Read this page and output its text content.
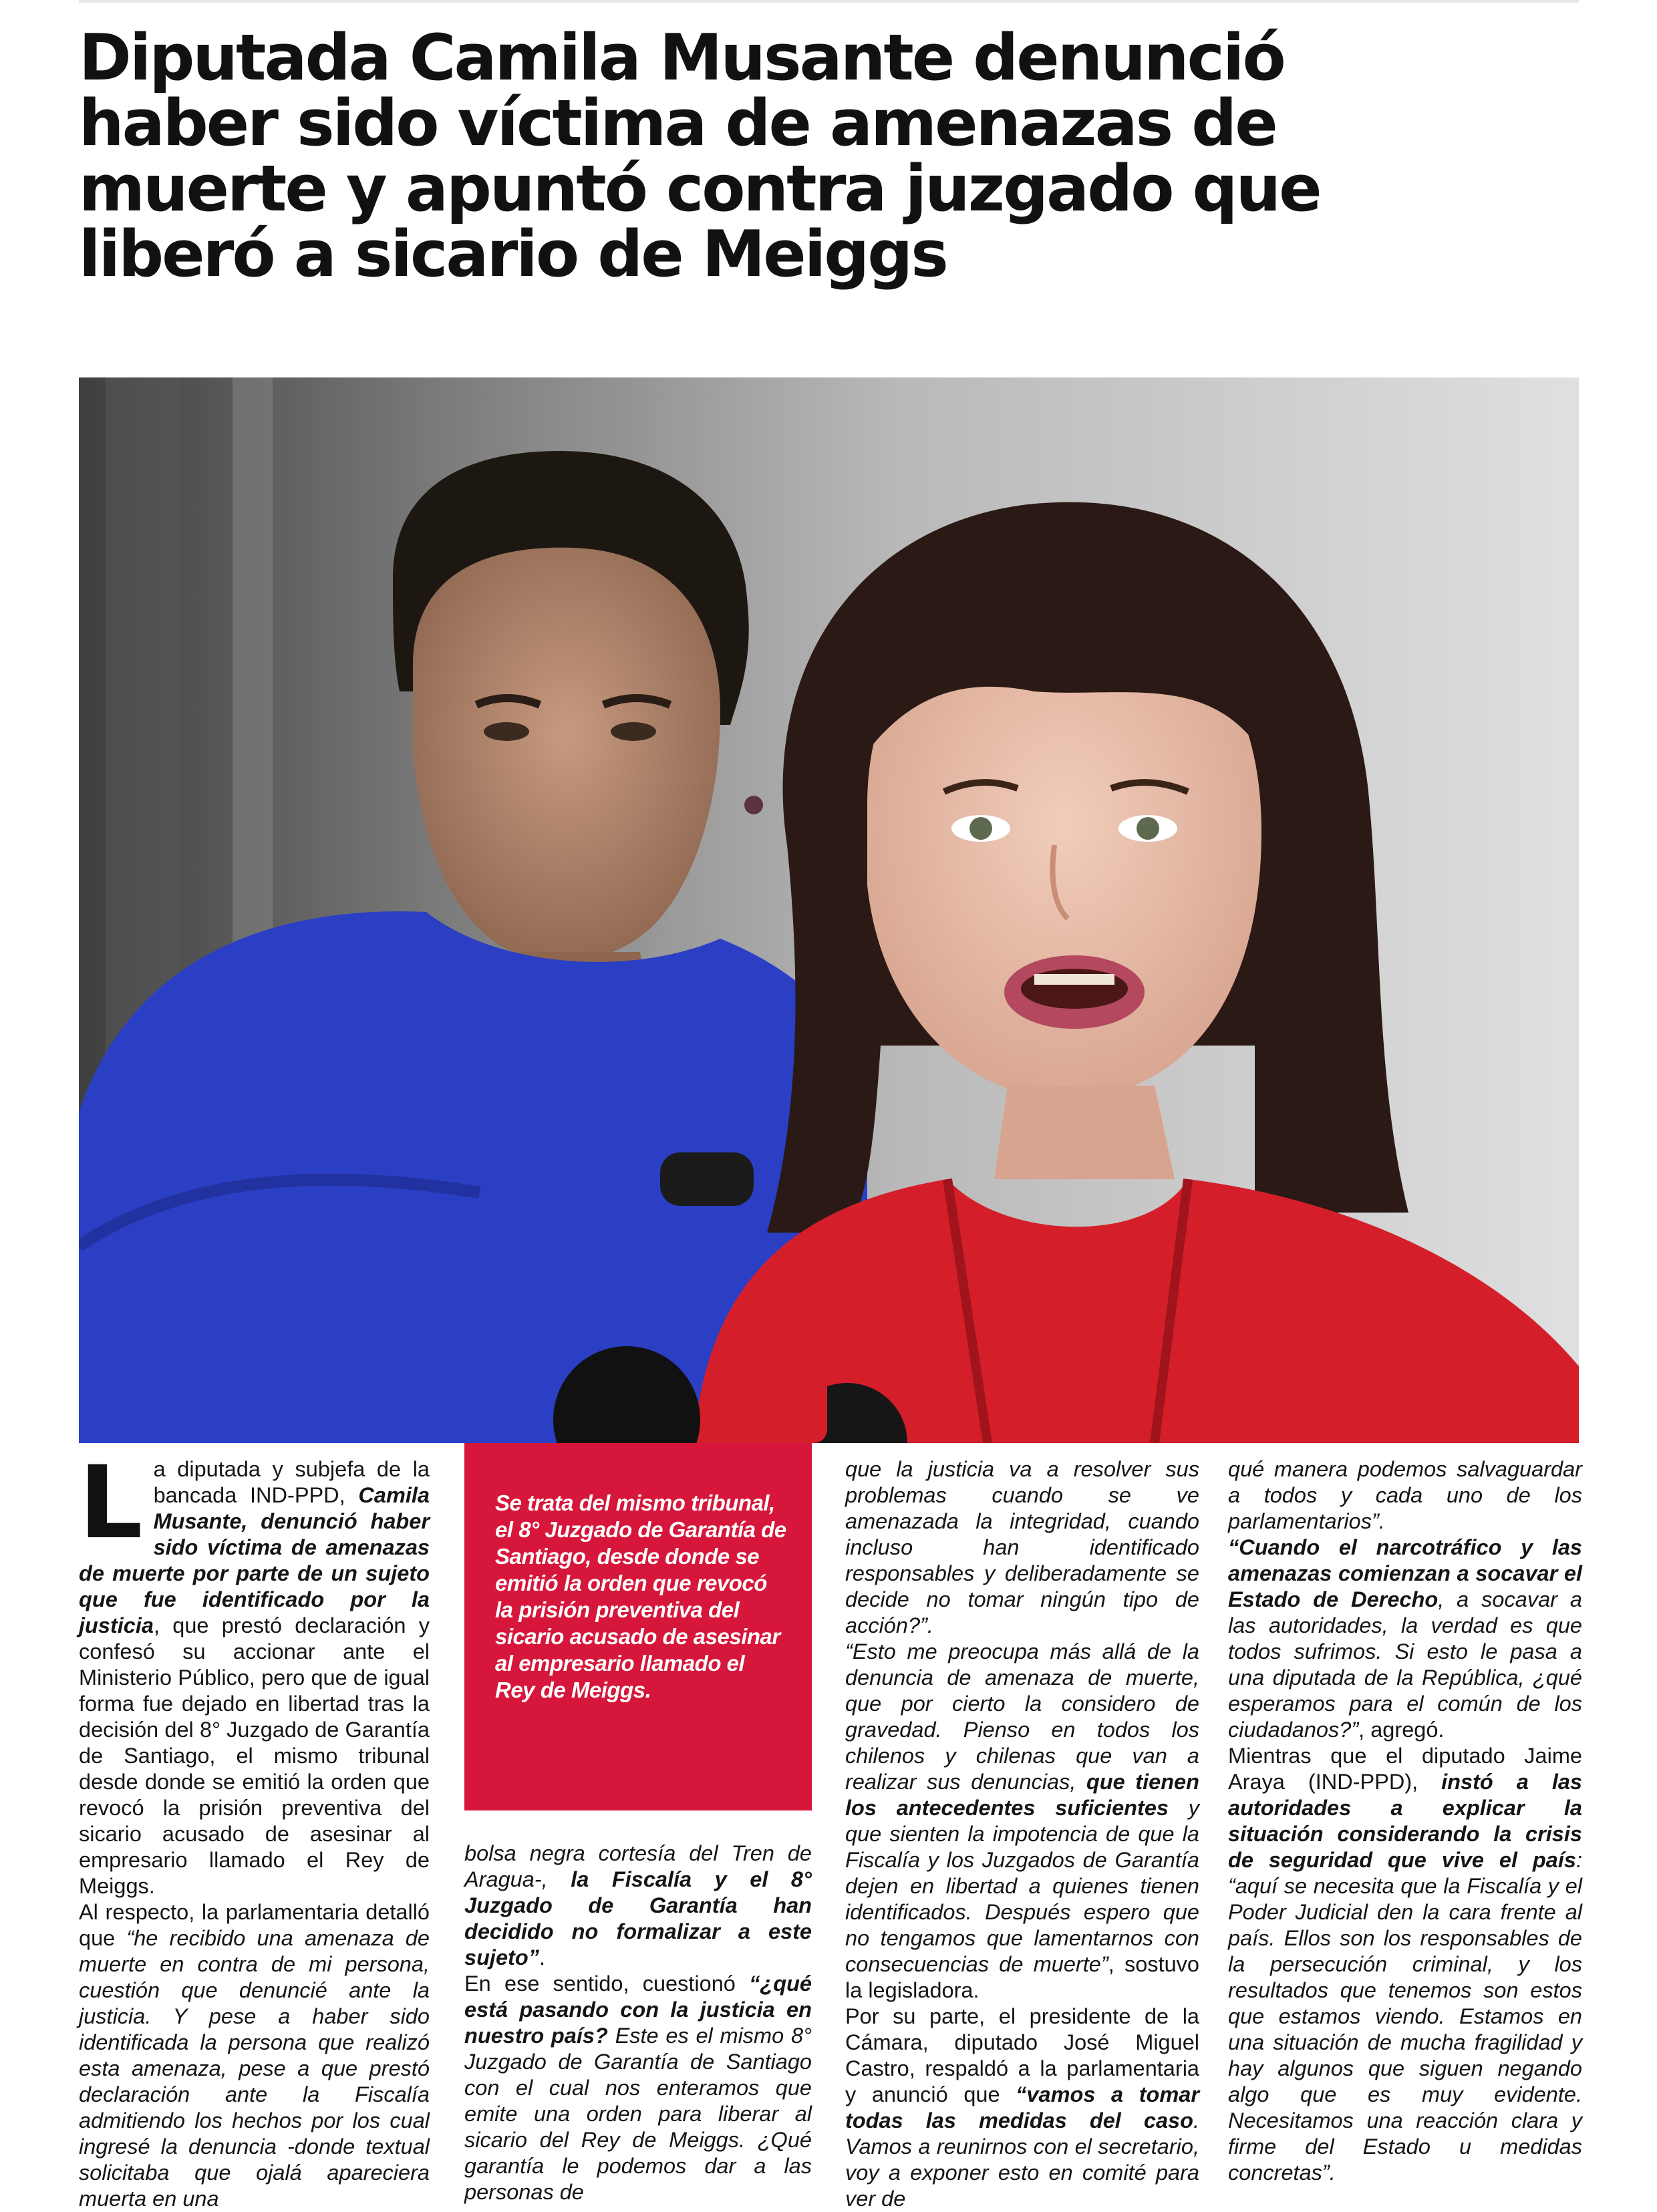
Diputada Camila Musante denunció
haber sido víctima de amenazas de
muerte y apuntó contra juzgado que
liberó a sicario de Meiggs

Se trata del mismo tribunal, el 8° Juzgado de Garantía de Santiago, desde donde se emitió la orden que revocó la prisión preventiva del sicario acusado de asesinar al empresario llamado el Rey de Meiggs.

La diputada y subjefa de la bancada IND-PPD, Camila Musante, denunció haber sido víctima de amenazas de muerte por parte de un sujeto que fue identificado por la justicia, que prestó declaración y confesó su accionar ante el Ministerio Público, pero que de igual forma fue dejado en libertad tras la decisión del 8° Juzgado de Garantía de Santiago, el mismo tribunal desde donde se emitió la orden que revocó la prisión preventiva del sicario acusado de asesinar al empresario llamado el Rey de Meiggs.

Al respecto, la parlamentaria detalló que “he recibido una amenaza de muerte en contra de mi persona, cuestión que denuncié ante la justicia. Y pese a haber sido identificada la persona que realizó esta amenaza, pese a que prestó declaración ante la Fiscalía admitiendo los hechos por los cual ingresé la denuncia -donde textual solicitaba que ojalá apareciera muerta en una

bolsa negra cortesía del Tren de Aragua-, la Fiscalía y el 8° Juzgado de Garantía han decidido no formalizar a este sujeto”.

En ese sentido, cuestionó “¿qué está pasando con la justicia en nuestro país? Este es el mismo 8° Juzgado de Garantía de Santiago con el cual nos enteramos que emite una orden para liberar al sicario del Rey de Meiggs. ¿Qué garantía le podemos dar a las personas de

que la justicia va a resolver sus problemas cuando se ve amenazada la integridad, cuando incluso han identificado responsables y deliberadamente se decide no tomar ningún tipo de acción?”.

“Esto me preocupa más allá de la denuncia de amenaza de muerte, que por cierto la considero de gravedad. Pienso en todos los chilenos y chilenas que van a realizar sus denuncias, que tienen los antecedentes suficientes y que sienten la impotencia de que la Fiscalía y los Juzgados de Garantía dejen en libertad a quienes tienen identificados. Después espero que no tengamos que lamentarnos con consecuencias de muerte”, sostuvo la legisladora.

Por su parte, el presidente de la Cámara, diputado José Miguel Castro, respaldó a la parlamentaria y anunció que “vamos a tomar todas las medidas del caso. Vamos a reunirnos con el secretario, voy a exponer esto en comité para ver de

qué manera podemos salvaguardar a todos y cada uno de los parlamentarios”.

“Cuando el narcotráfico y las amenazas comienzan a socavar el Estado de Derecho, a socavar a las autoridades, la verdad es que todos sufrimos. Si esto le pasa a una diputada de la República, ¿qué esperamos para el común de los ciudadanos?”, agregó.

Mientras que el diputado Jaime Araya (IND-PPD), instó a las autoridades a explicar la situación considerando la crisis de seguridad que vive el país: “aquí se necesita que la Fiscalía y el Poder Judicial den la cara frente al país. Ellos son los responsables de la persecución criminal, y los resultados que tenemos son estos que estamos viendo. Estamos en una situación de mucha fragilidad y hay algunos que siguen negando algo que es muy evidente. Necesitamos una reacción clara y firme del Estado u medidas concretas”.
